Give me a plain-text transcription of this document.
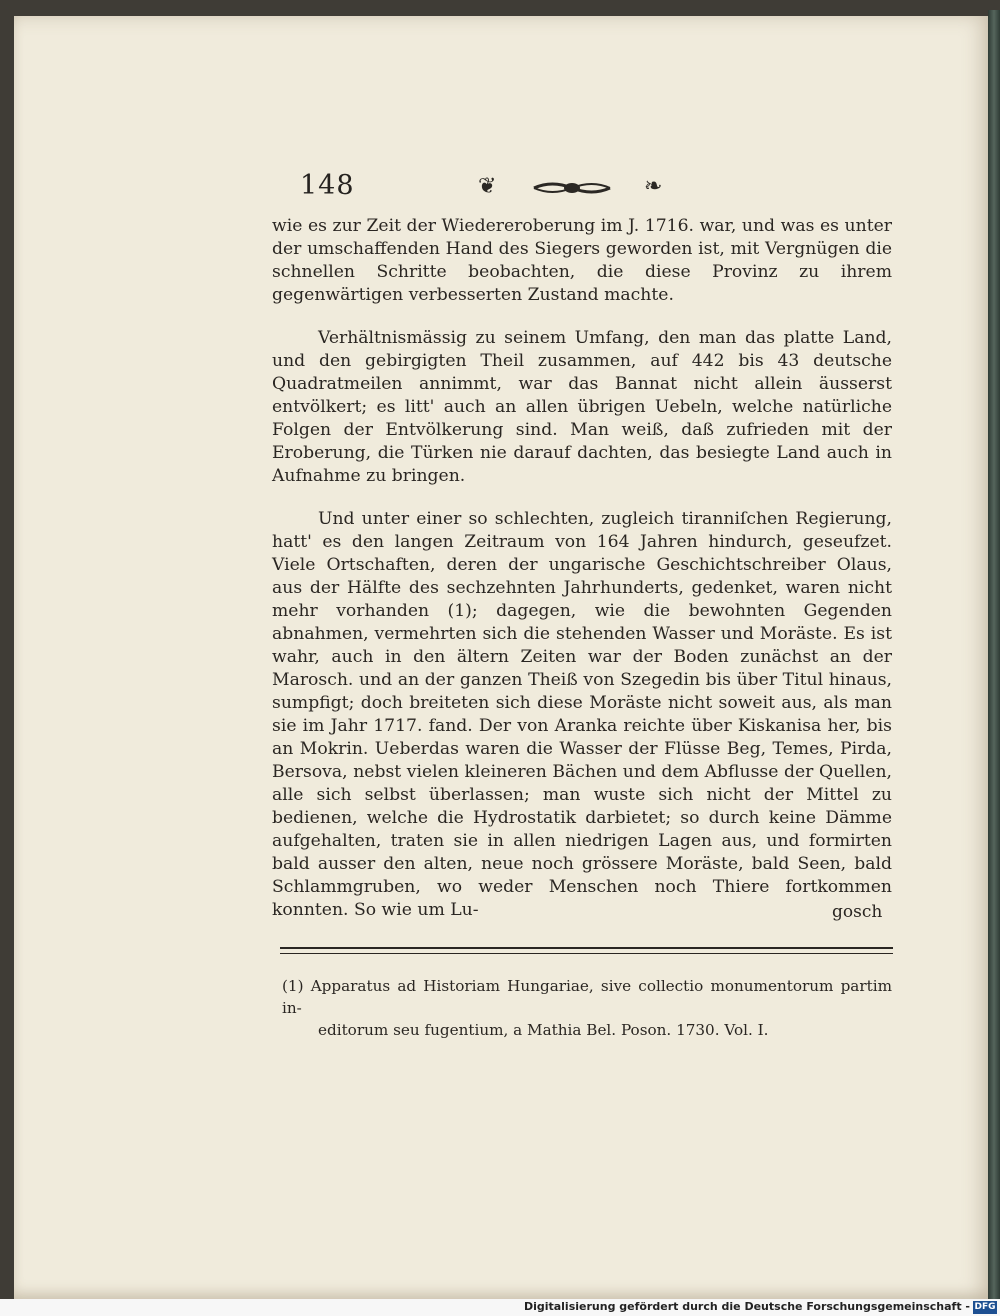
148	❦	❧

wie es zur Zeit der Wiedereroberung im J. 1716. war, und was es unter der umschaffenden Hand des Siegers geworden ist, mit Vergnügen die schnellen Schritte beobachten, die diese Provinz zu ihrem gegenwärtigen verbesserten Zustand machte.

Verhältnismässig zu seinem Umfang, den man das platte Land, und den gebirgigten Theil zusammen, auf 442 bis 43 deutsche Quadratmeilen annimmt, war das Bannat nicht allein äusserst entvölkert; es litt' auch an allen übrigen Uebeln, welche natürliche Folgen der Entvölkerung sind. Man weiß, daß zufrieden mit der Eroberung, die Türken nie darauf dachten, das besiegte Land auch in Aufnahme zu bringen.

Und unter einer so schlechten, zugleich tiranniſchen Regierung, hatt' es den langen Zeitraum von 164 Jahren hindurch, geseufzet. Viele Ortschaften, deren der ungarische Geschichtschreiber Olaus, aus der Hälfte des sechzehnten Jahrhunderts, gedenket, waren nicht mehr vorhanden (1); dagegen, wie die bewohnten Gegenden abnahmen, vermehrten sich die stehenden Wasser und Moräste. Es ist wahr, auch in den ältern Zeiten war der Boden zunächst an der Marosch. und an der ganzen Theiß von Szegedin bis über Titul hinaus, sumpfigt; doch breiteten sich diese Moräste nicht soweit aus, als man sie im Jahr 1717. fand. Der von Aranka reichte über Kiskanisa her, bis an Mokrin. Ueberdas waren die Wasser der Flüsse Beg, Temes, Pirda, Bersova, nebst vielen kleineren Bächen und dem Abflusse der Quellen, alle sich selbst überlassen; man wuste sich nicht der Mittel zu bedienen, welche die Hydrostatik darbietet; so durch keine Dämme aufgehalten, traten sie in allen niedrigen Lagen aus, und formirten bald ausser den alten, neue noch grössere Moräste, bald Seen, bald Schlammgruben, wo weder Menschen noch Thiere fortkommen konnten. So wie um Lu-	gosch
(1) Apparatus ad Historiam Hungariae, sive collectio monumentorum partim in-
editorum seu fugentium, a Mathia Bel. Poson. 1730. Vol. I.
Digitalisierung gefördert durch die Deutsche Forschungsgemeinschaft - DFG
